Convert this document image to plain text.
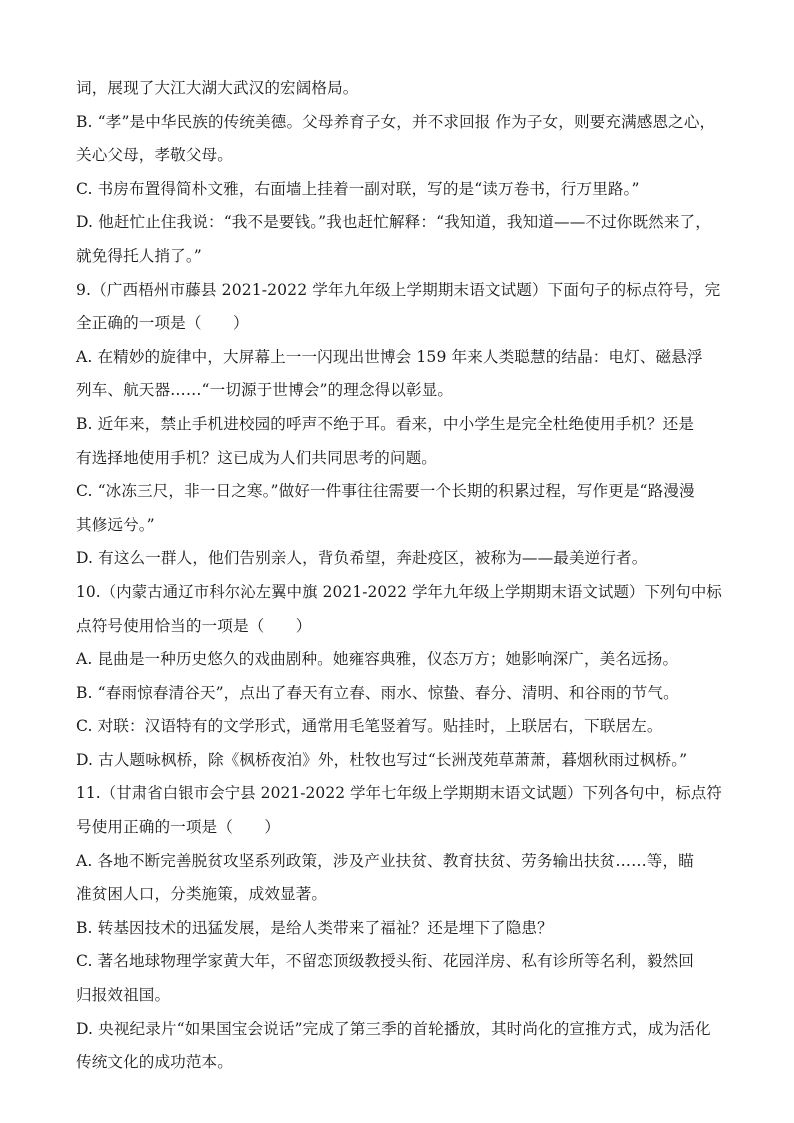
词，展现了大江大湖大武汉的宏阔格局。
B. “孝”是中华民族的传统美德。父母养育子女，并不求回报 作为子女，则要充满感恩之心，
关心父母，孝敬父母。
C. 书房布置得简朴文雅，右面墙上挂着一副对联，写的是“读万卷书，行万里路。”
D. 他赶忙止住我说：“我不是要钱。”我也赶忙解释：“我知道，我知道——不过你既然来了，
就免得托人捎了。”
9.（广西梧州市藤县 2021-2022 学年九年级上学期期末语文试题）下面句子的标点符号，完
全正确的一项是（　　）
A. 在精妙的旋律中，大屏幕上一一闪现出世博会 159 年来人类聪慧的结晶：电灯、磁悬浮
列车、航天器……“一切源于世博会”的理念得以彰显。
B. 近年来，禁止手机进校园的呼声不绝于耳。看来，中小学生是完全杜绝使用手机？还是
有选择地使用手机？这已成为人们共同思考的问题。
C. “冰冻三尺，非一日之寒。”做好一件事往往需要一个长期的积累过程，写作更是“路漫漫
其修远兮。”
D. 有这么一群人，他们告别亲人，背负希望，奔赴疫区，被称为——最美逆行者。
10.（内蒙古通辽市科尔沁左翼中旗 2021-2022 学年九年级上学期期末语文试题）下列句中标
点符号使用恰当的一项是（　　）
A. 昆曲是一种历史悠久的戏曲剧种。她雍容典雅，仪态万方；她影响深广，美名远扬。
B. “春雨惊春清谷天”，点出了春天有立春、雨水、惊蛰、春分、清明、和谷雨的节气。
C. 对联：汉语特有的文学形式，通常用毛笔竖着写。贴挂时，上联居右，下联居左。
D. 古人题咏枫桥，除《枫桥夜泊》外，杜牧也写过“长洲茂苑草萧萧，暮烟秋雨过枫桥。”
11.（甘肃省白银市会宁县 2021-2022 学年七年级上学期期末语文试题）下列各句中，标点符
号使用正确的一项是（　　）
A. 各地不断完善脱贫攻坚系列政策，涉及产业扶贫、教育扶贫、劳务输出扶贫……等，瞄
准贫困人口，分类施策，成效显著。
B. 转基因技术的迅猛发展，是给人类带来了福祉？还是埋下了隐患？
C. 著名地球物理学家黄大年，不留恋顶级教授头衔、花园洋房、私有诊所等名利，毅然回
归报效祖国。
D. 央视纪录片“如果国宝会说话”完成了第三季的首轮播放，其时尚化的宣推方式，成为活化
传统文化的成功范本。
